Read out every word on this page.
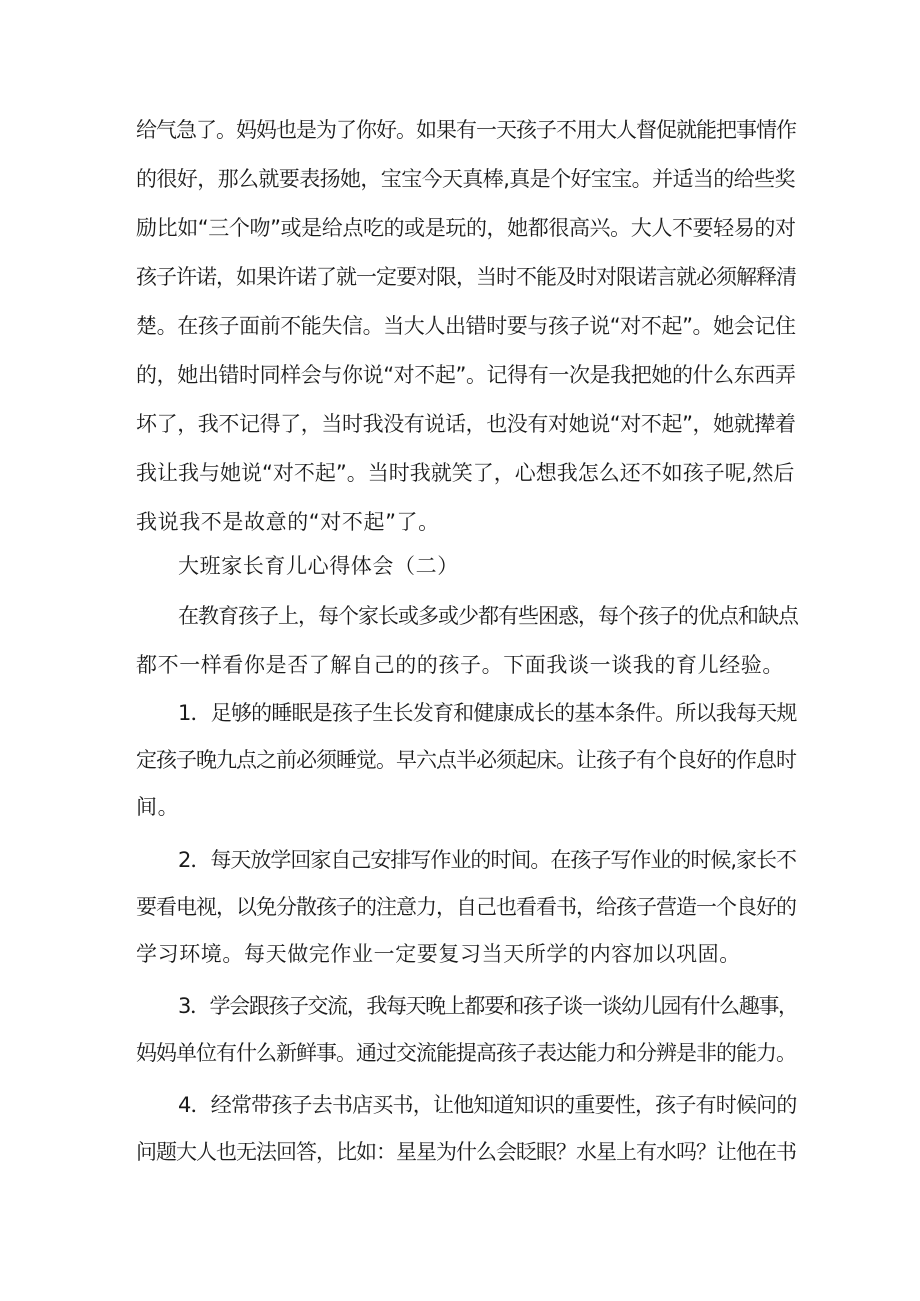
给气急了。妈妈也是为了你好。如果有一天孩子不用大人督促就能把事情作
的很好，那么就要表扬她，宝宝今天真棒,真是个好宝宝。并适当的给些奖
励比如“三个吻”或是给点吃的或是玩的，她都很高兴。大人不要轻易的对
孩子许诺，如果许诺了就一定要对限，当时不能及时对限诺言就必须解释清
楚。在孩子面前不能失信。当大人出错时要与孩子说“对不起”。她会记住
的，她出错时同样会与你说“对不起”。记得有一次是我把她的什么东西弄
坏了，我不记得了，当时我没有说话，也没有对她说“对不起”，她就撵着
我让我与她说“对不起”。当时我就笑了，心想我怎么还不如孩子呢,然后
我说我不是故意的“对不起”了。
大班家长育儿心得体会（二）
在教育孩子上，每个家长或多或少都有些困惑，每个孩子的优点和缺点
都不一样看你是否了解自己的的孩子。下面我谈一谈我的育儿经验。
1．足够的睡眠是孩子生长发育和健康成长的基本条件。所以我每天规
定孩子晚九点之前必须睡觉。早六点半必须起床。让孩子有个良好的作息时
间。
2．每天放学回家自己安排写作业的时间。在孩子写作业的时候,家长不
要看电视，以免分散孩子的注意力，自己也看看书，给孩子营造一个良好的
学习环境。每天做完作业一定要复习当天所学的内容加以巩固。
3．学会跟孩子交流，我每天晚上都要和孩子谈一谈幼儿园有什么趣事，
妈妈单位有什么新鲜事。通过交流能提高孩子表达能力和分辨是非的能力。
4．经常带孩子去书店买书，让他知道知识的重要性，孩子有时候问的
问题大人也无法回答，比如：星星为什么会眨眼？水星上有水吗？让他在书
